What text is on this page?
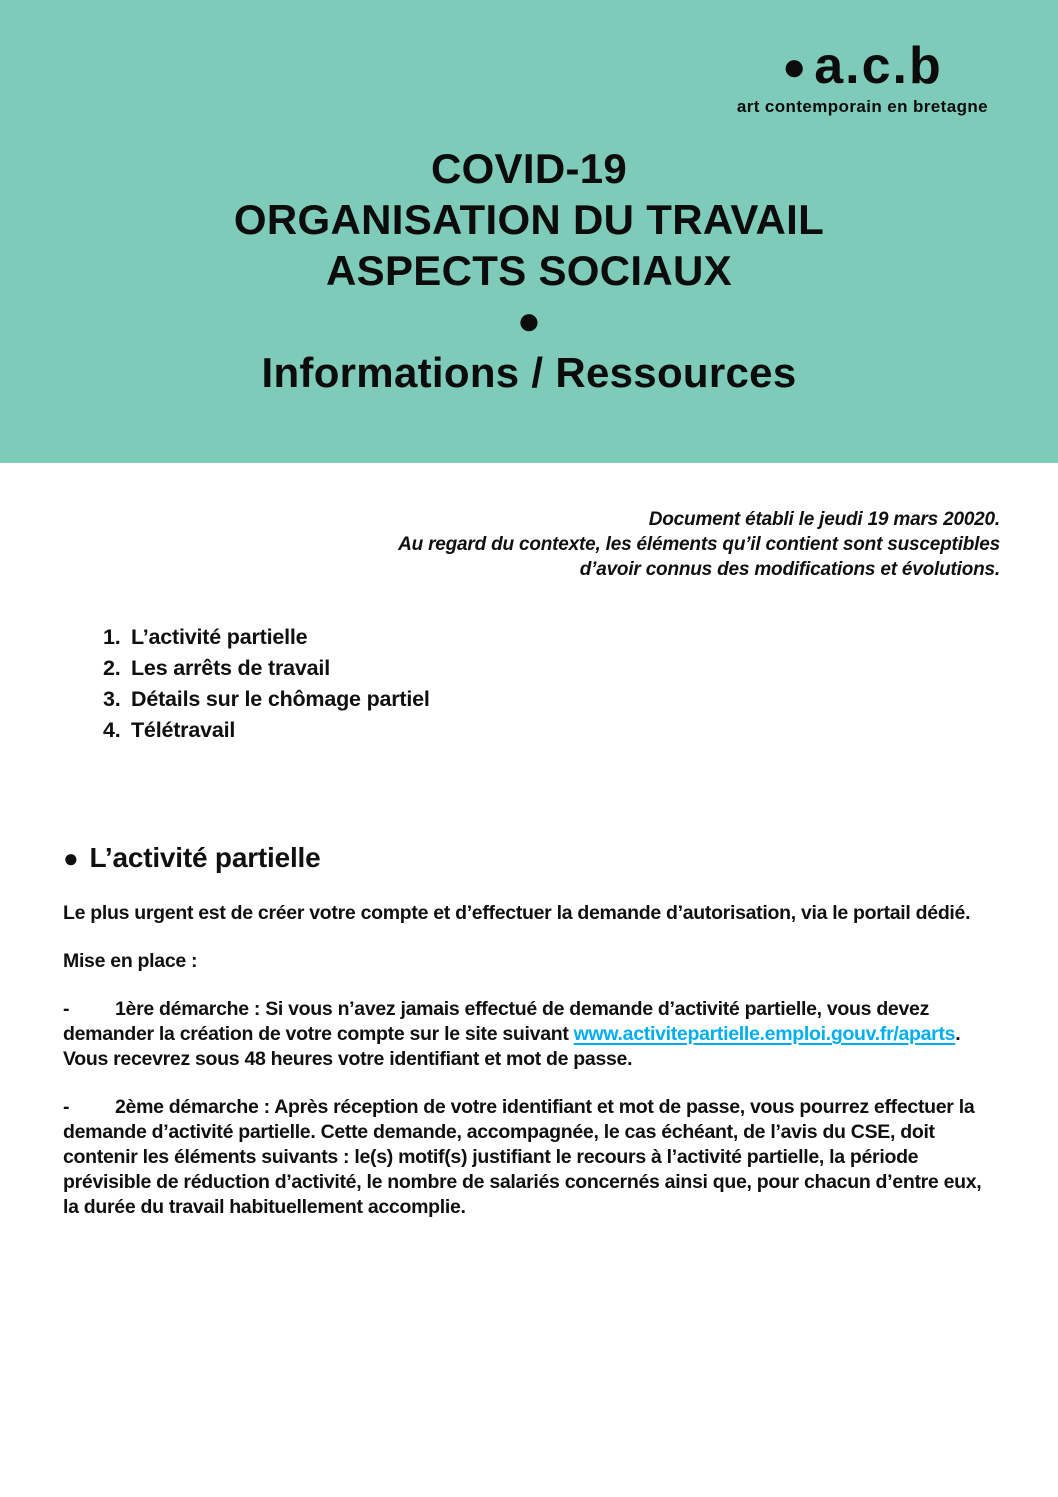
● a.c.b
art contemporain en bretagne
COVID-19
ORGANISATION DU TRAVAIL
ASPECTS SOCIAUX
●
Informations / Ressources
Document établi le jeudi 19 mars 20020.
Au regard du contexte, les éléments qu’il contient sont susceptibles
d’avoir connus des modifications et évolutions.
1. L’activité partielle
2. Les arrêts de travail
3. Détails sur le chômage partiel
4. Télétravail
● L’activité partielle

Le plus urgent est de créer votre compte et d’effectuer la demande d’autorisation, via le portail dédié.

Mise en place :

- 1ère démarche : Si vous n’avez jamais effectué de demande d’activité partielle, vous devez demander la création de votre compte sur le site suivant www.activitepartielle.emploi.gouv.fr/aparts. Vous recevrez sous 48 heures votre identifiant et mot de passe.

- 2ème démarche : Après réception de votre identifiant et mot de passe, vous pourrez effectuer la demande d’activité partielle. Cette demande, accompagnée, le cas échéant, de l’avis du CSE, doit contenir les éléments suivants : le(s) motif(s) justifiant le recours à l’activité partielle, la période prévisible de réduction d’activité, le nombre de salariés concernés ainsi que, pour chacun d’entre eux, la durée du travail habituellement accomplie.
